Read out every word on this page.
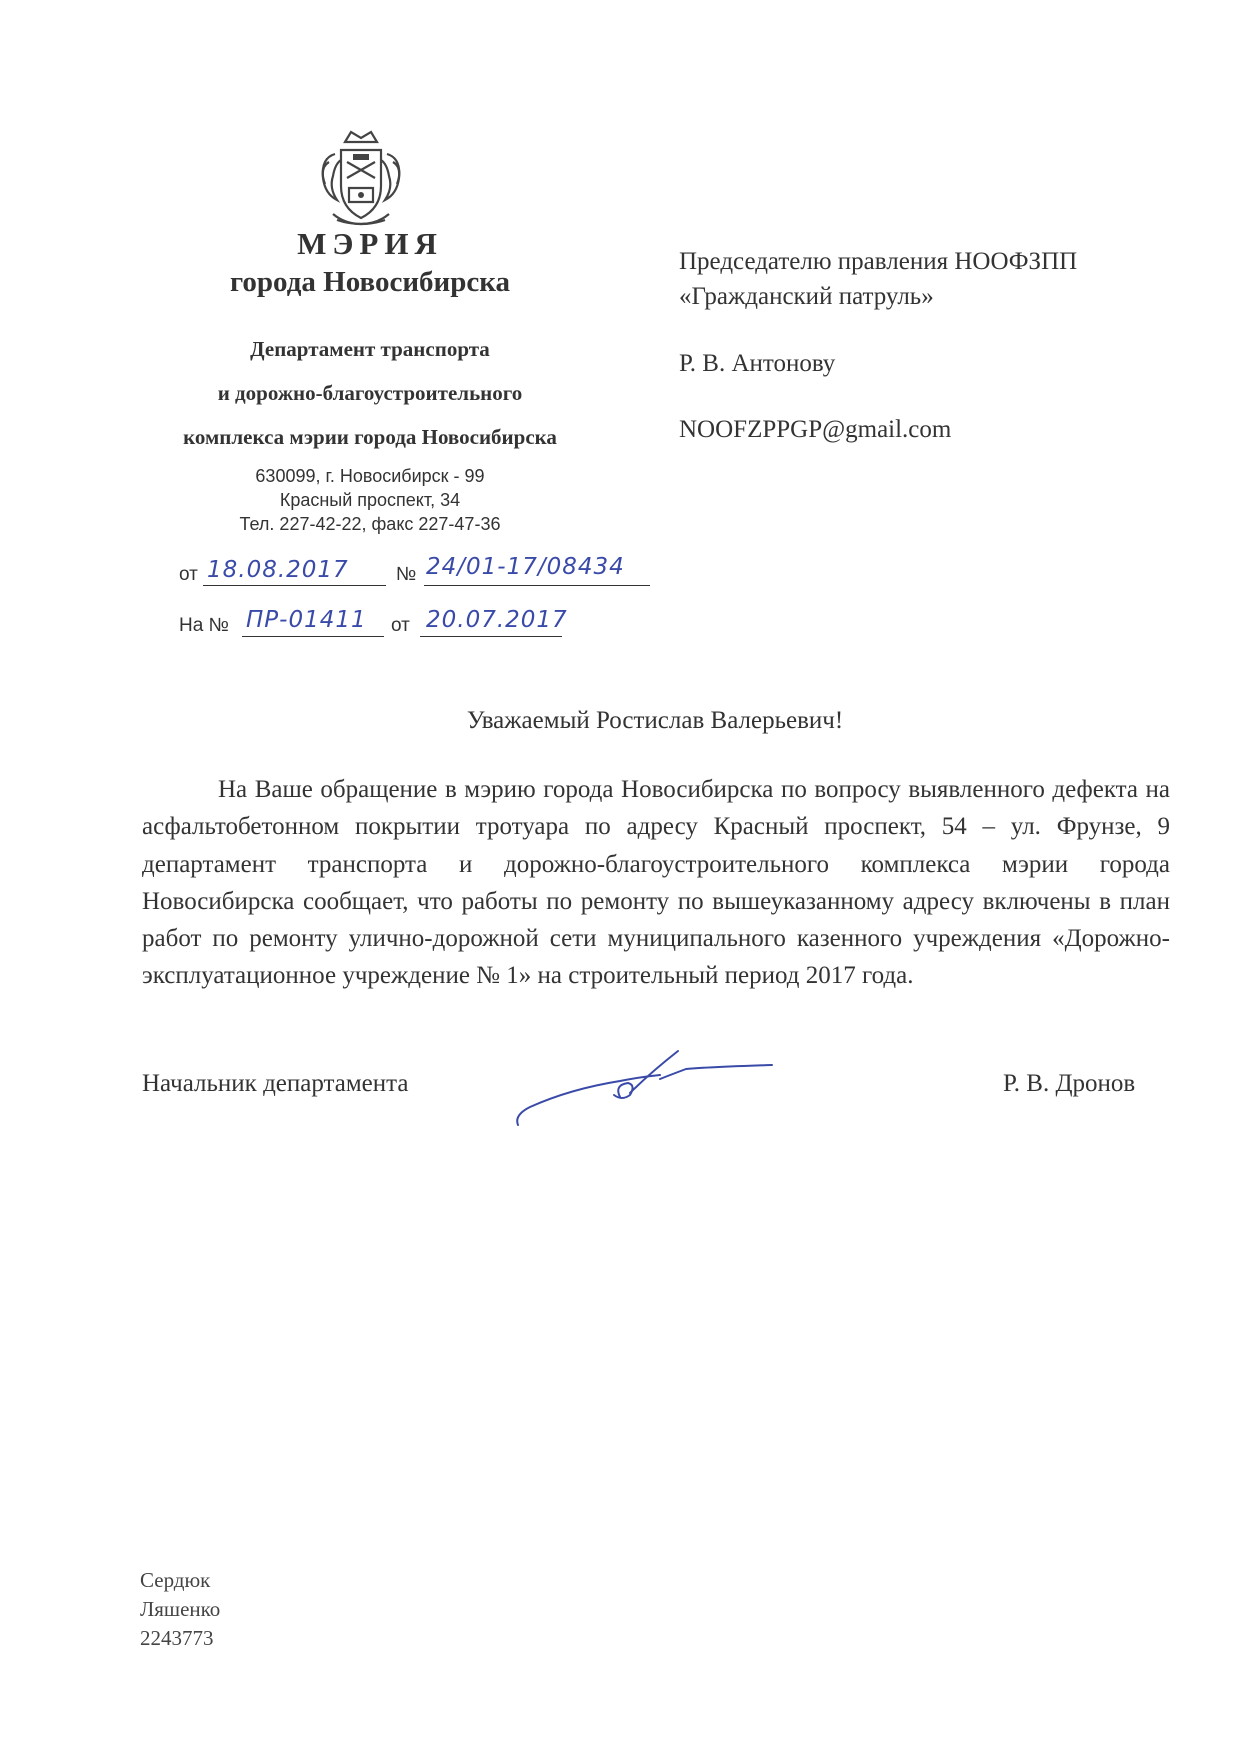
МЭРИЯ
города Новосибирска
Департамент транспорта
и дорожно-благоустроительного
комплекса мэрии города Новосибирска
630099, г. Новосибирск - 99
Красный проспект, 34
Тел. 227-42-22, факс 227-47-36
от 18.08.2017 № 24/01-17/08434
На № ПР-01411 от 20.07.2017
Председателю правления НООФЗПП
«Гражданский патруль»
Р. В. Антонову
NOOFZPPGP@gmail.com
Уважаемый Ростислав Валерьевич!

На Ваше обращение в мэрию города Новосибирска по вопросу выявленного дефекта на асфальтобетонном покрытии тротуара по адресу Красный проспект, 54 – ул. Фрунзе, 9 департамент транспорта и дорожно-благоустроительного комплекса мэрии города Новосибирска сообщает, что работы по ремонту по вышеуказанному адресу включены в план работ по ремонту улично-дорожной сети муниципального казенного учреждения «Дорожно-эксплуатационное учреждение № 1» на строительный период 2017 года.

Начальник департамента	Р. В. Дронов
Сердюк
Ляшенко
2243773
